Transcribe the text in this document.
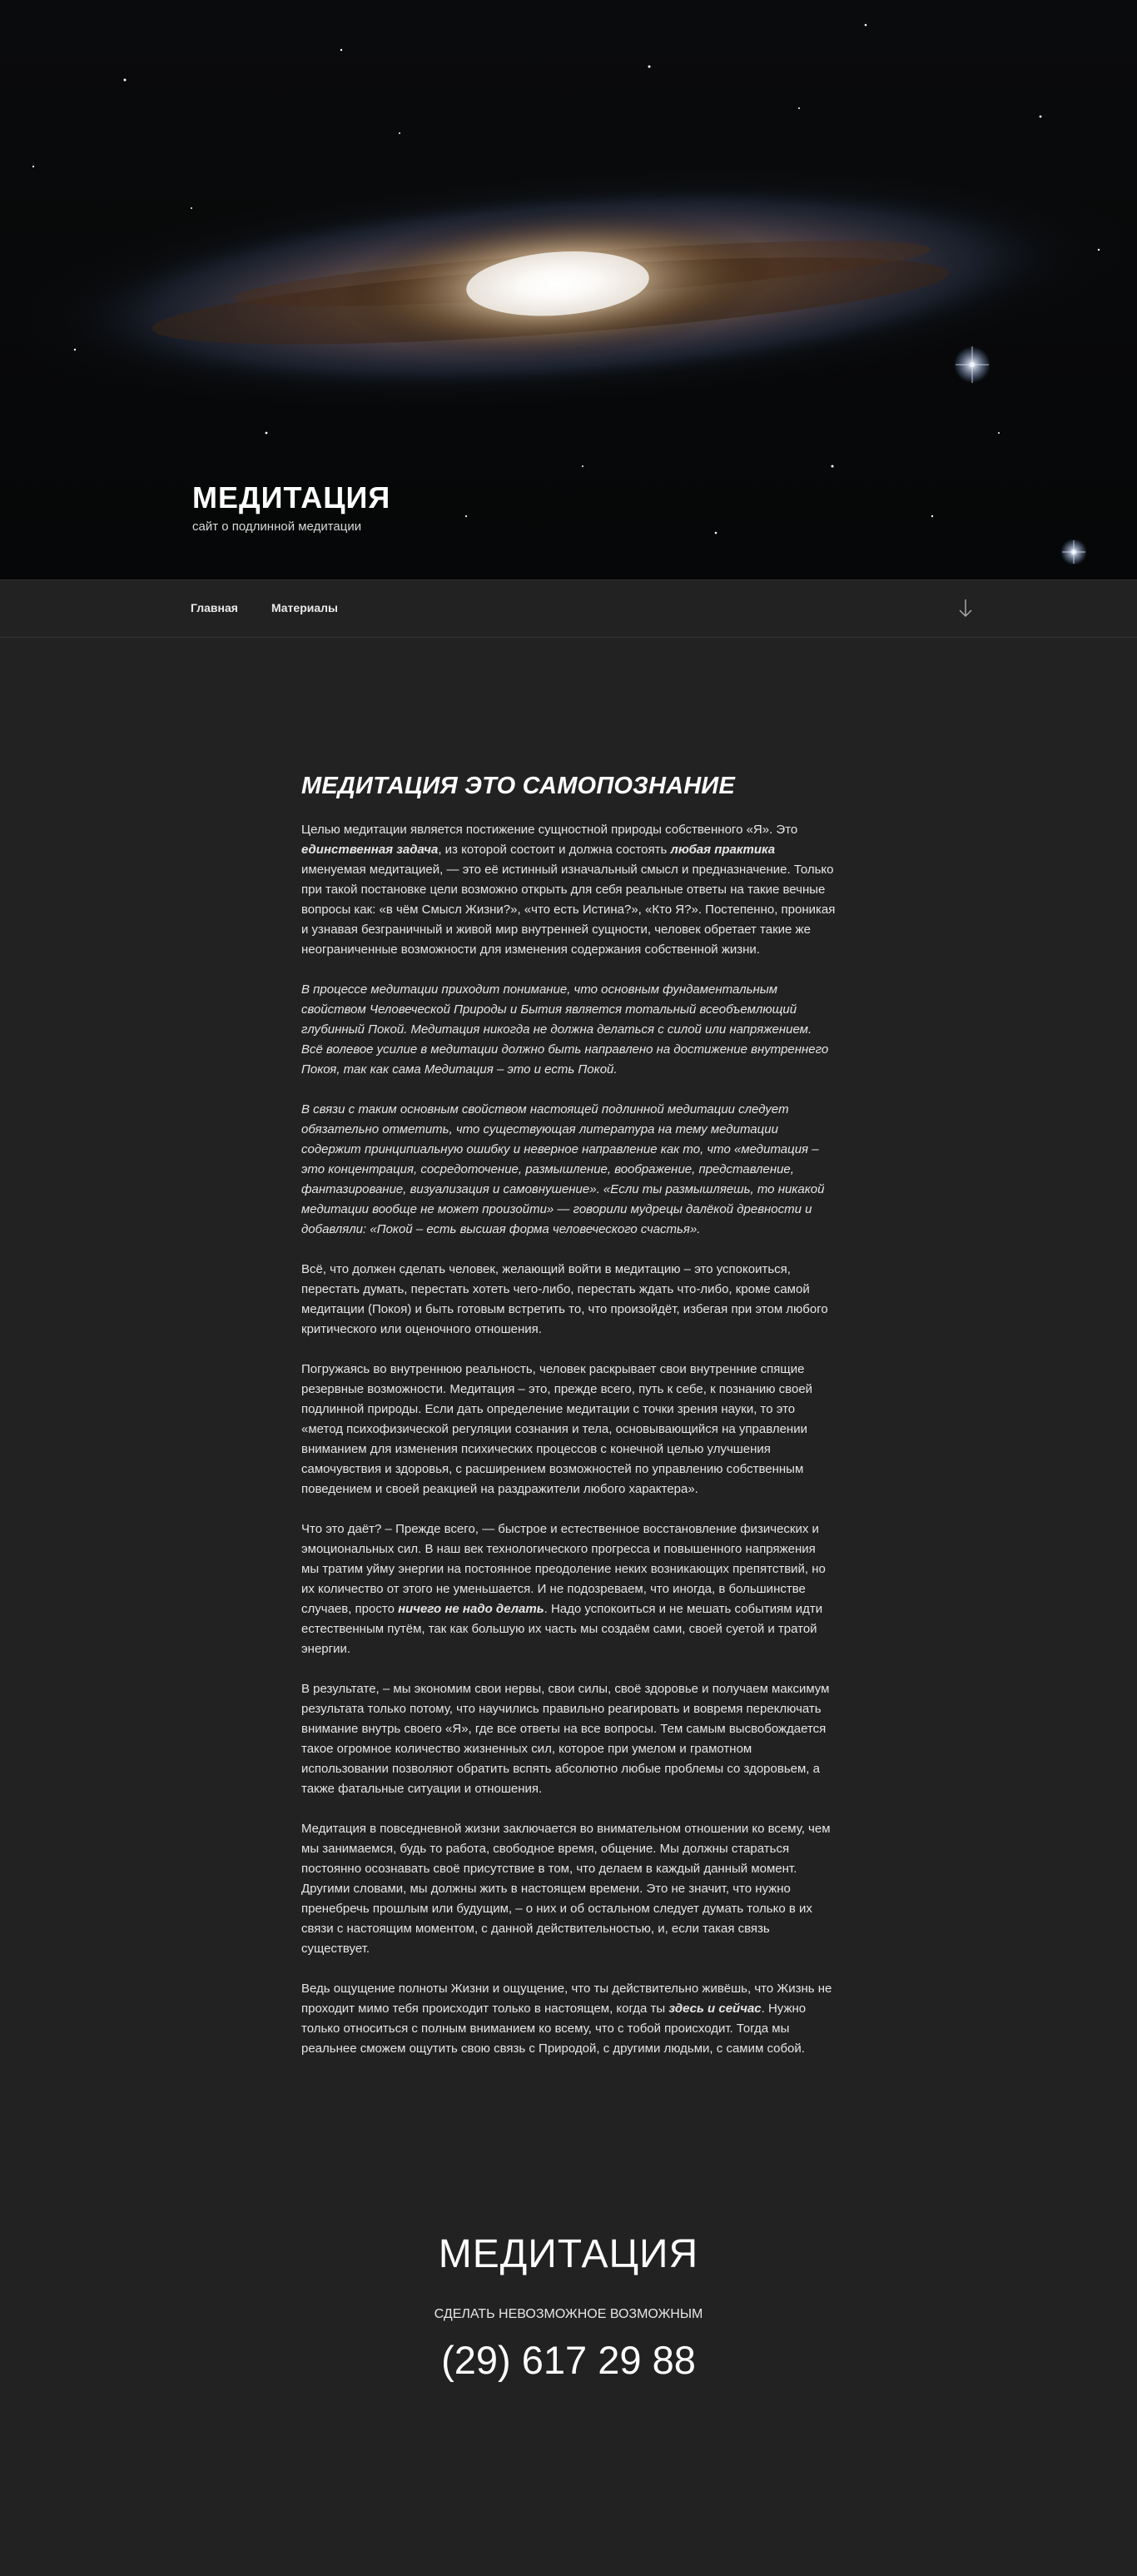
МЕДИТАЦИЯ

сайт о подлинной медитации

Главная	Материалы
МЕДИТАЦИЯ ЭТО САМОПОЗНАНИЕ

Целью медитации является постижение сущностной природы собственного «Я». Это единственная задача, из которой состоит и должна состоять любая практика именуемая медитацией, — это её истинный изначальный смысл и предназначение. Только при такой постановке цели возможно открыть для себя реальные ответы на такие вечные вопросы как: «в чём Смысл Жизни?», «что есть Истина?», «Кто Я?». Постепенно, проникая и узнавая безграничный и живой мир внутренней сущности, человек обретает такие же неограниченные возможности для изменения содержания собственной жизни.

В процессе медитации приходит понимание, что основным фундаментальным свойством Человеческой Природы и Бытия является тотальный всеобъемлющий глубинный Покой. Медитация никогда не должна делаться с силой или напряжением. Всё волевое усилие в медитации должно быть направлено на достижение внутреннего Покоя, так как сама Медитация – это и есть Покой.

В связи с таким основным свойством настоящей подлинной медитации следует обязательно отметить, что существующая литература на тему медитации содержит принципиальную ошибку и неверное направление как то, что «медитация – это концентрация, сосредоточение, размышление, воображение, представление, фантазирование, визуализация и самовнушение». «Если ты размышляешь, то никакой медитации вообще не может произойти» — говорили мудрецы далёкой древности и добавляли: «Покой – есть высшая форма человеческого счастья».

Всё, что должен сделать человек, желающий войти в медитацию – это успокоиться, перестать думать, перестать хотеть чего-либо, перестать ждать что-либо, кроме самой медитации (Покоя) и быть готовым встретить то, что произойдёт, избегая при этом любого критического или оценочного отношения.

Погружаясь во внутреннюю реальность, человек раскрывает свои внутренние спящие резервные возможности. Медитация – это, прежде всего, путь к себе, к познанию своей подлинной природы. Если дать определение медитации с точки зрения науки, то это «метод психофизической регуляции сознания и тела, основывающийся на управлении вниманием для изменения психических процессов с конечной целью улучшения самочувствия и здоровья, с расширением возможностей по управлению собственным поведением и своей реакцией на раздражители любого характера».

Что это даёт? – Прежде всего, — быстрое и естественное восстановление физических и эмоциональных сил. В наш век технологического прогресса и повышенного напряжения мы тратим уйму энергии на постоянное преодоление неких возникающих препятствий, но их количество от этого не уменьшается. И не подозреваем, что иногда, в большинстве случаев, просто ничего не надо делать. Надо успокоиться и не мешать событиям идти естественным путём, так как большую их часть мы создаём сами, своей суетой и тратой энергии.

В результате, – мы экономим свои нервы, свои силы, своё здоровье и получаем максимум результата только потому, что научились правильно реагировать и вовремя переключать внимание внутрь своего «Я», где все ответы на все вопросы. Тем самым высвобождается такое огромное количество жизненных сил, которое при умелом и грамотном использовании позволяют обратить вспять абсолютно любые проблемы со здоровьем, а также фатальные ситуации и отношения.

Медитация в повседневной жизни заключается во внимательном отношении ко всему, чем мы занимаемся, будь то работа, свободное время, общение. Мы должны стараться постоянно осознавать своё присутствие в том, что делаем в каждый данный момент. Другими словами, мы должны жить в настоящем времени. Это не значит, что нужно пренебречь прошлым или будущим, – о них и об остальном следует думать только в их связи с настоящим моментом, с данной действительностью, и, если такая связь существует.

Ведь ощущение полноты Жизни и ощущение, что ты действительно живёшь, что Жизнь не проходит мимо тебя происходит только в настоящем, когда ты здесь и сейчас. Нужно только относиться с полным вниманием ко всему, что с тобой происходит. Тогда мы реальнее сможем ощутить свою связь с Природой, с другими людьми, с самим собой.

МЕДИТАЦИЯ

СДЕЛАТЬ НЕВОЗМОЖНОЕ ВОЗМОЖНЫМ

(29) 617 29 88
